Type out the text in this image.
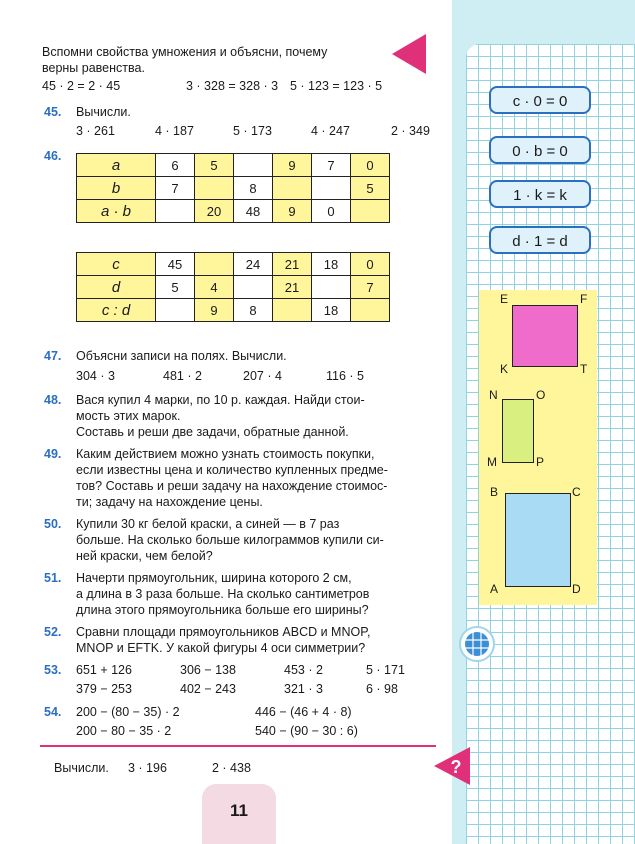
c · 0 = 0
0 · b = 0
1 · k = k
d · 1 = d
E	F
K	T
N	O
M	P
B	C
A	D
?
Вспомни свойства умножения и объясни, почему
верны равенства.
45 · 2 = 2 · 45	3 · 328 = 328 · 3 5 · 123 = 123 · 5
45. Вычисли.
3 · 261	4 · 187	5 · 173	4 · 247	2 · 349
46.
a	6	5		9	7	0
b	7		8			5
a · b		20	48	9	0	
c	45		24	21	18	0
d	5	4		21		7
c : d		9	8		18	
47. Объясни записи на полях. Вычисли.
304 · 3	481 · 2	207 · 4	116 · 5
48. Вася купил 4 марки, по 10 р. каждая. Найди стои-
мость этих марок.
Составь и реши две задачи, обратные данной.
49. Каким действием можно узнать стоимость покупки,
если известны цена и количество купленных предме-
тов? Составь и реши задачу на нахождение стоимос-
ти; задачу на нахождение цены.
50. Купили 30 кг белой краски, а синей — в 7 раз
больше. На сколько больше килограммов купили си-
ней краски, чем белой?
51. Начерти прямоугольник, ширина которого 2 см,
а длина в 3 раза больше. На сколько сантиметров
длина этого прямоугольника больше его ширины?
52. Сравни площади прямоугольников ABCD и MNOP,
MNOP и EFTK. У какой фигуры 4 оси симметрии?
53. 651 + 126	306 − 138	453 · 2	5 · 171
379 − 253	402 − 243	321 · 3	6 · 98
54. 200 − (80 − 35) · 2	446 − (46 + 4 · 8)
200 − 80 − 35 · 2	540 − (90 − 30 : 6)
Вычисли. 3 · 196	2 · 438
11
